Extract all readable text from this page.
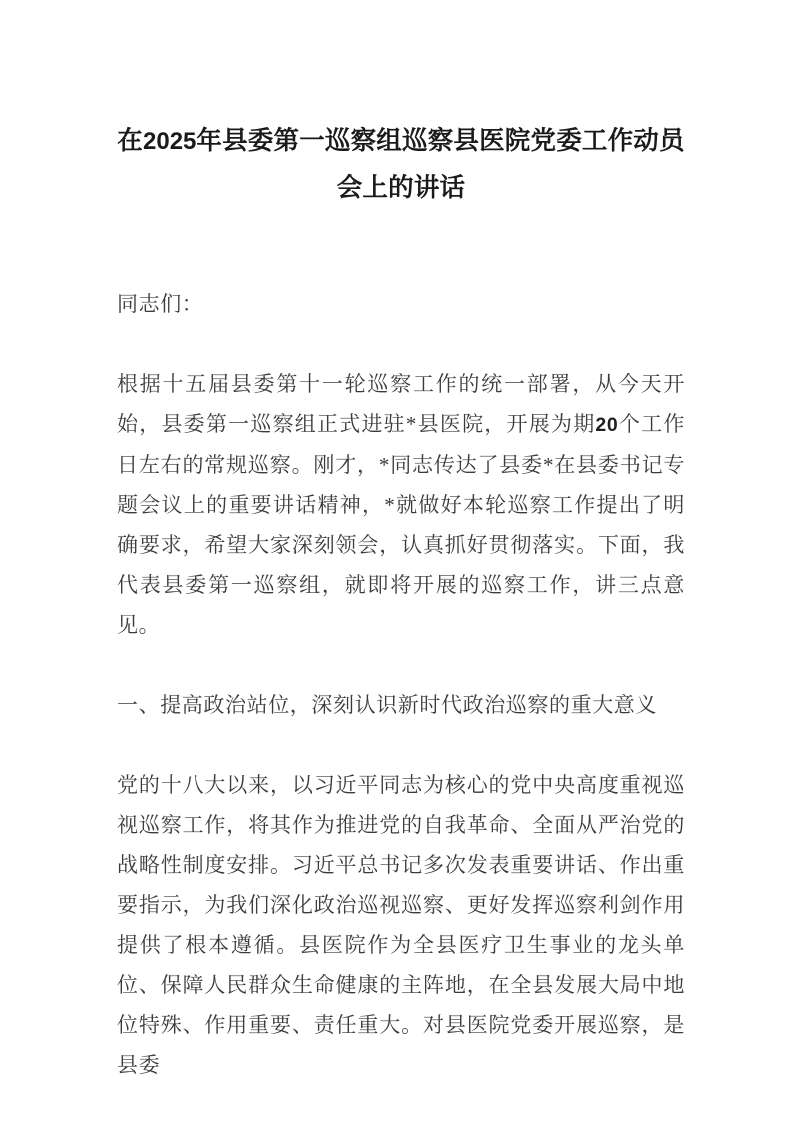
在2025年县委第一巡察组巡察县医院党委工作动员会上的讲话

同志们：

根据十五届县委第十一轮巡察工作的统一部署，从今天开始，县委第一巡察组正式进驻*县医院，开展为期20个工作日左右的常规巡察。刚才，*同志传达了县委*在县委书记专题会议上的重要讲话精神，*就做好本轮巡察工作提出了明确要求，希望大家深刻领会，认真抓好贯彻落实。下面，我代表县委第一巡察组，就即将开展的巡察工作，讲三点意见。

一、提高政治站位，深刻认识新时代政治巡察的重大意义

党的十八大以来，以习近平同志为核心的党中央高度重视巡视巡察工作，将其作为推进党的自我革命、全面从严治党的战略性制度安排。习近平总书记多次发表重要讲话、作出重要指示，为我们深化政治巡视巡察、更好发挥巡察利剑作用提供了根本遵循。县医院作为全县医疗卫生事业的龙头单位、保障人民群众生命健康的主阵地，在全县发展大局中地位特殊、作用重要、责任重大。对县医院党委开展巡察，是县委
